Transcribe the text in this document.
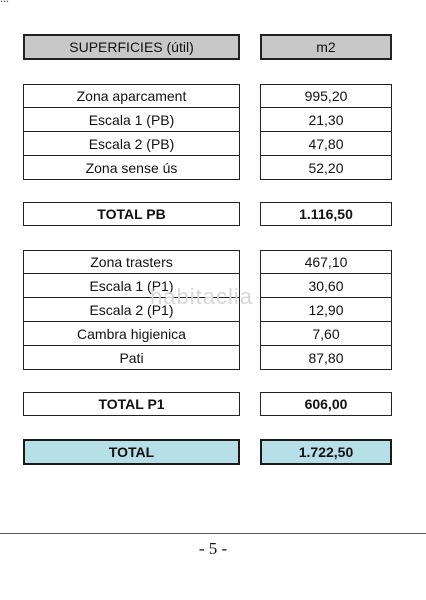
SUPERFICIES (útil)	m2
Zona aparcament	995,20
Escala 1 (PB)	21,30
Escala 2 (PB)	47,80
Zona sense ús	52,20
TOTAL PB	1.116,50
Zona trasters	467,10
Escala 1 (P1)	30,60
Escala 2 (P1)	12,90
Cambra higienica	7,60
Pati	87,80
TOTAL P1	606,00
TOTAL	1.722,50
habitaclia
- 5 -
